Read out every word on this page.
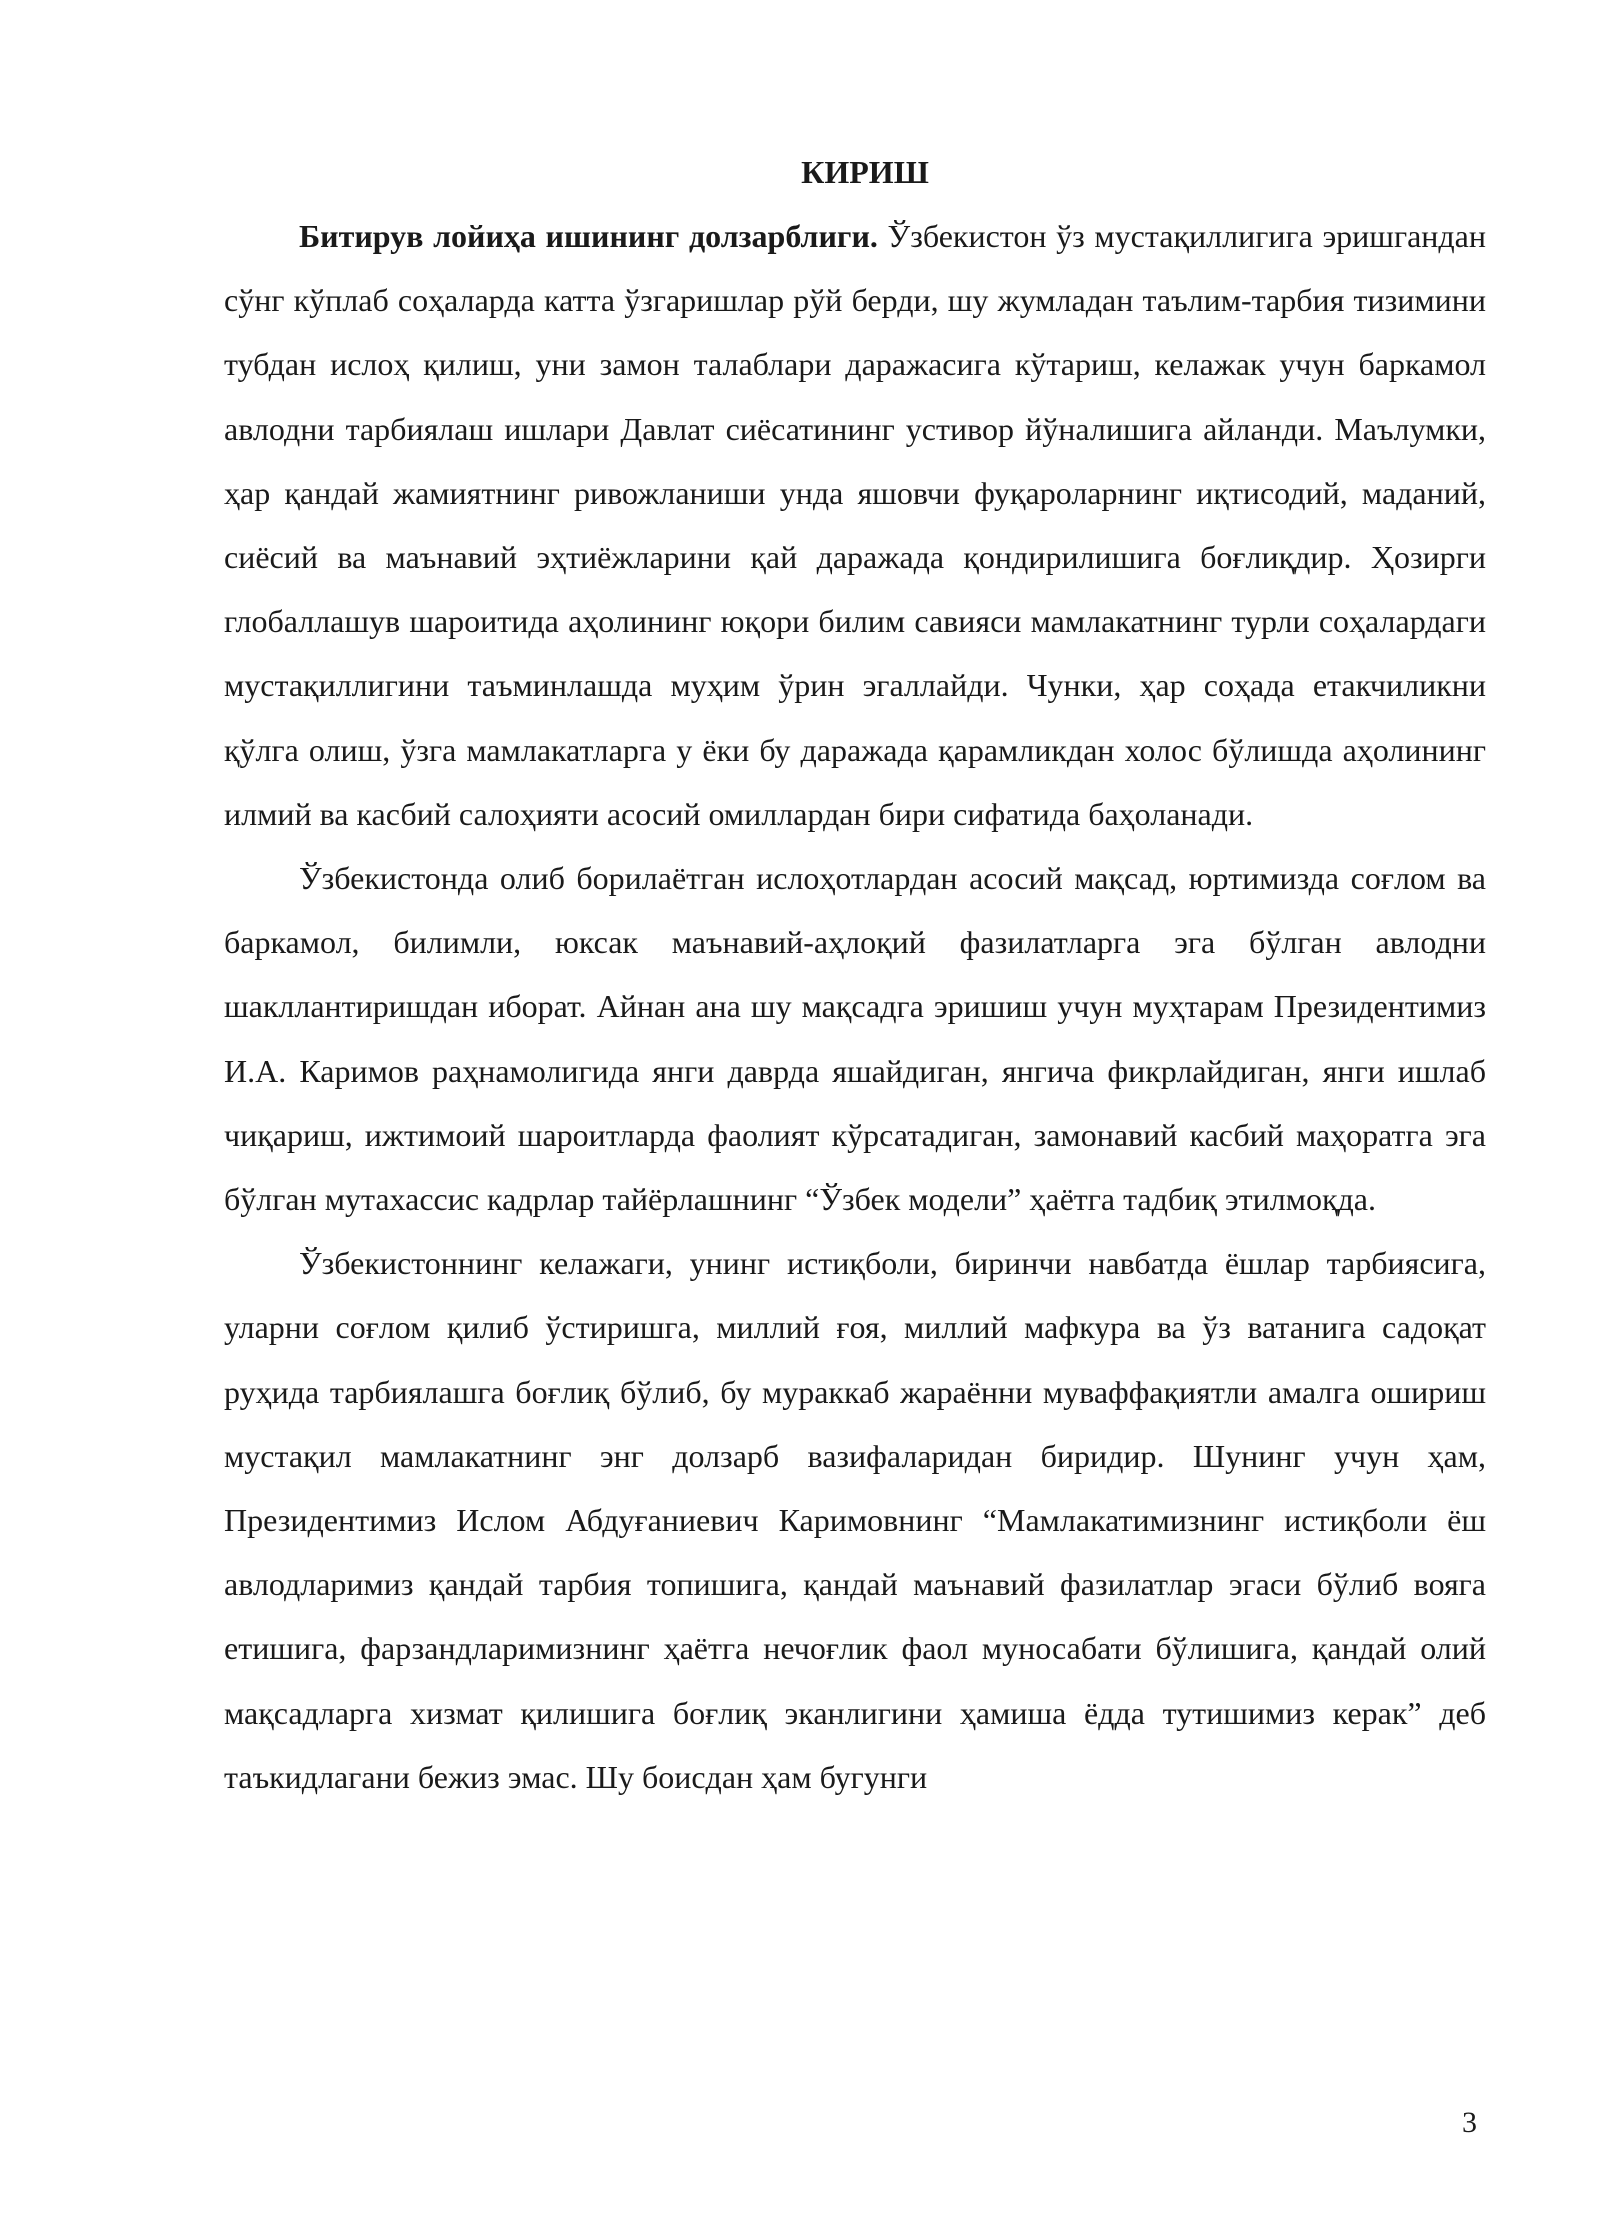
КИРИШ

Битирув лойиҳа ишининг долзарблиги. Ўзбекистон ўз мустақиллигига эришгандан сўнг кўплаб соҳаларда катта ўзгаришлар рўй берди, шу жумладан таълим-тарбия тизимини тубдан ислоҳ қилиш, уни замон талаблари даражасига кўтариш, келажак учун баркамол авлодни тарбиялаш ишлари Давлат сиёсатининг устивор йўналишига айланди. Маълумки, ҳар қандай жамиятнинг ривожланиши унда яшовчи фуқароларнинг иқтисодий, маданий, сиёсий ва маънавий эҳтиёжларини қай даражада қондирилишига боғлиқдир. Ҳозирги глобаллашув шароитида аҳолининг юқори билим савияси мамлакатнинг турли соҳалардаги мустақиллигини таъминлашда муҳим ўрин эгаллайди. Чунки, ҳар соҳада етакчиликни қўлга олиш, ўзга мамлакатларга у ёки бу даражада қарамликдан холос бўлишда аҳолининг илмий ва касбий салоҳияти асосий омиллардан бири сифатида баҳоланади.

Ўзбекистонда олиб борилаётган ислоҳотлардан асосий мақсад, юртимизда соғлом ва баркамол, билимли, юксак маънавий-аҳлоқий фазилатларга эга бўлган авлодни шакллантиришдан иборат. Айнан ана шу мақсадга эришиш учун муҳтарам Президентимиз И.А. Каримов раҳнамолигида янги даврда яшайдиган, янгича фикрлайдиган, янги ишлаб чиқариш, ижтимоий шароитларда фаолият кўрсатадиган, замонавий касбий маҳоратга эга бўлган мутахассис кадрлар тайёрлашнинг “Ўзбек модели” ҳаётга тадбиқ этилмоқда.

Ўзбекистоннинг келажаги, унинг истиқболи, биринчи навбатда ёшлар тарбиясига, уларни соғлом қилиб ўстиришга, миллий ғоя, миллий мафкура ва ўз ватанига садоқат руҳида тарбиялашга боғлиқ бўлиб, бу мураккаб жараённи муваффақиятли амалга ошириш мустақил мамлакатнинг энг долзарб вазифаларидан биридир. Шунинг учун ҳам, Президентимиз Ислом Абдуғаниевич Каримовнинг “Мамлакатимизнинг истиқболи ёш авлодларимиз қандай тарбия топишига, қандай маънавий фазилатлар эгаси бўлиб вояга етишига, фарзандларимизнинг ҳаётга нечоғлик фаол муносабати бўлишига, қандай олий мақсадларга хизмат қилишига боғлиқ эканлигини ҳамиша ёдда тутишимиз керак” деб таъкидлагани бежиз эмас. Шу боисдан ҳам бугунги

3
